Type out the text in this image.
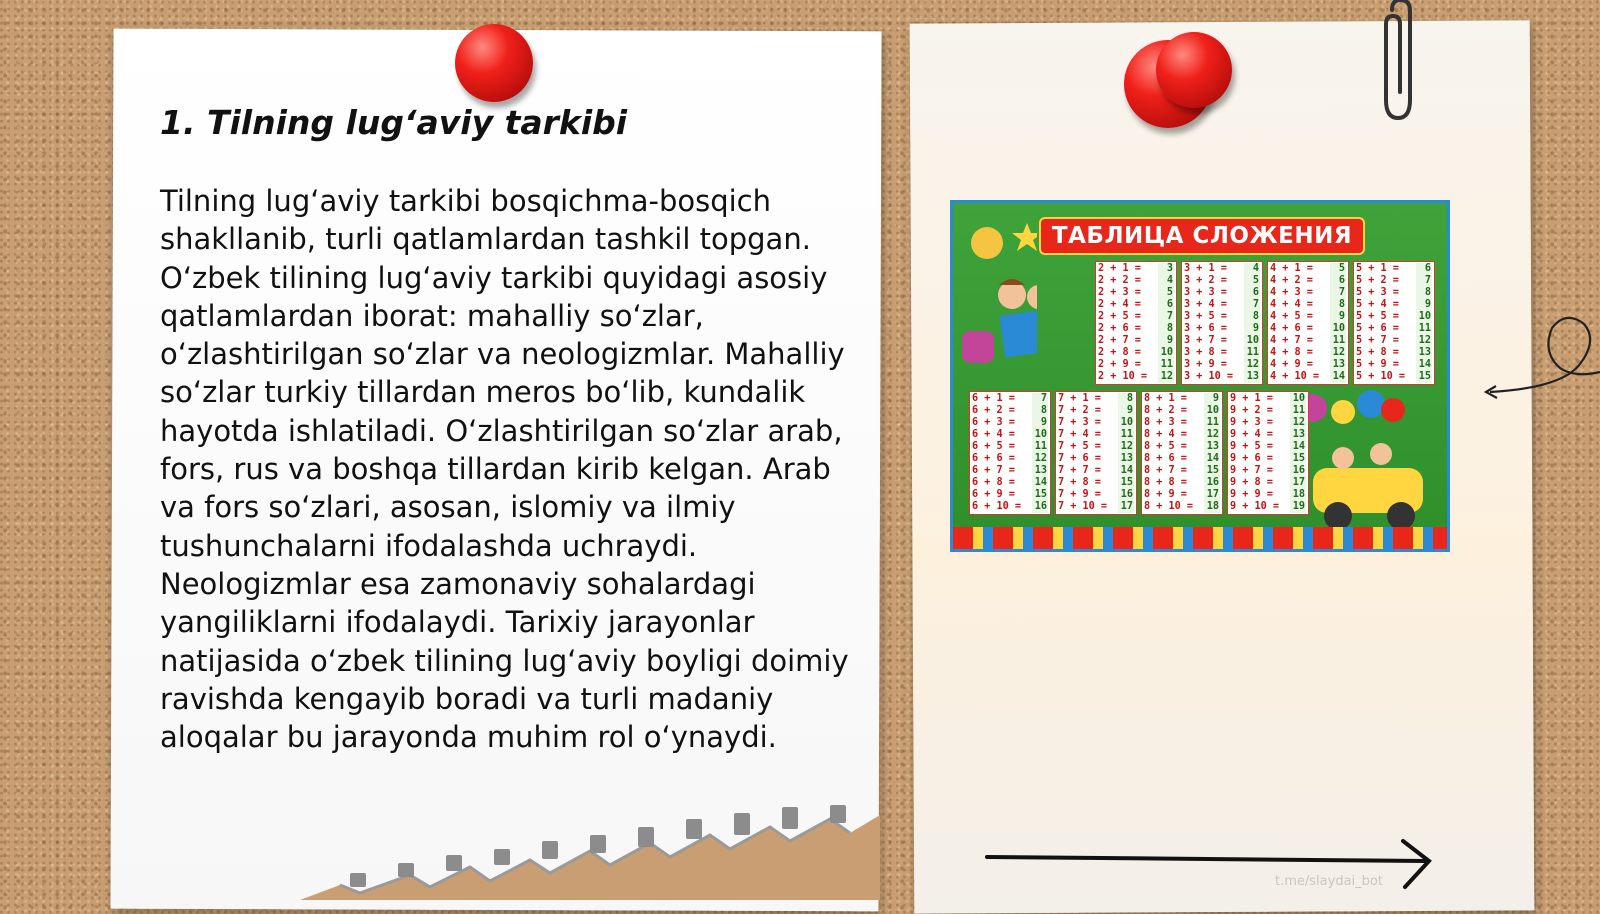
1. Tilning lug‘aviy tarkibi

Tilning lug‘aviy tarkibi bosqichma-bosqich shakllanib, turli qatlamlardan tashkil topgan. O‘zbek tilining lug‘aviy tarkibi quyidagi asosiy qatlamlardan iborat: mahalliy so‘zlar, o‘zlashtirilgan so‘zlar va neologizmlar. Mahalliy so‘zlar turkiy tillardan meros bo‘lib, kundalik hayotda ishlatiladi. O‘zlashtirilgan so‘zlar arab, fors, rus va boshqa tillardan kirib kelgan. Arab va fors so‘zlari, asosan, islomiy va ilmiy tushunchalarni ifodalashda uchraydi. Neologizmlar esa zamonaviy sohalardagi yangiliklarni ifodalaydi. Tarixiy jarayonlar natijasida o‘zbek tilining lug‘aviy boyligi doimiy ravishda kengayib boradi va turli madaniy aloqalar bu jarayonda muhim rol o‘ynaydi.

ТАБЛИЦА СЛОЖЕНИЯ
2 + 1 =	3
2 + 2 =	4
2 + 3 =	5
2 + 4 =	6
2 + 5 =	7
2 + 6 =	8
2 + 7 =	9
2 + 8 = 10
2 + 9 = 11
2 + 10 = 12
3 + 1 =	4
3 + 2 =	5
3 + 3 =	6
3 + 4 =	7
3 + 5 =	8
3 + 6 =	9
3 + 7 = 10
3 + 8 = 11
3 + 9 = 12
3 + 10 = 13
4 + 1 =	5
4 + 2 =	6
4 + 3 =	7
4 + 4 =	8
4 + 5 =	9
4 + 6 = 10
4 + 7 = 11
4 + 8 = 12
4 + 9 = 13
4 + 10 = 14
5 + 1 =	6
5 + 2 =	7
5 + 3 =	8
5 + 4 =	9
5 + 5 = 10
5 + 6 = 11
5 + 7 = 12
5 + 8 = 13
5 + 9 = 14
5 + 10 = 15
6 + 1 =	7
6 + 2 =	8
6 + 3 =	9
6 + 4 = 10
6 + 5 = 11
6 + 6 = 12
6 + 7 = 13
6 + 8 = 14
6 + 9 = 15
6 + 10 = 16
7 + 1 =	8
7 + 2 =	9
7 + 3 = 10
7 + 4 = 11
7 + 5 = 12
7 + 6 = 13
7 + 7 = 14
7 + 8 = 15
7 + 9 = 16
7 + 10 = 17
8 + 1 =	9
8 + 2 = 10
8 + 3 = 11
8 + 4 = 12
8 + 5 = 13
8 + 6 = 14
8 + 7 = 15
8 + 8 = 16
8 + 9 = 17
8 + 10 = 18
9 + 1 = 10
9 + 2 = 11
9 + 3 = 12
9 + 4 = 13
9 + 5 = 14
9 + 6 = 15
9 + 7 = 16
9 + 8 = 17
9 + 9 = 18
9 + 10 = 19
t.me/slaydai_bot
